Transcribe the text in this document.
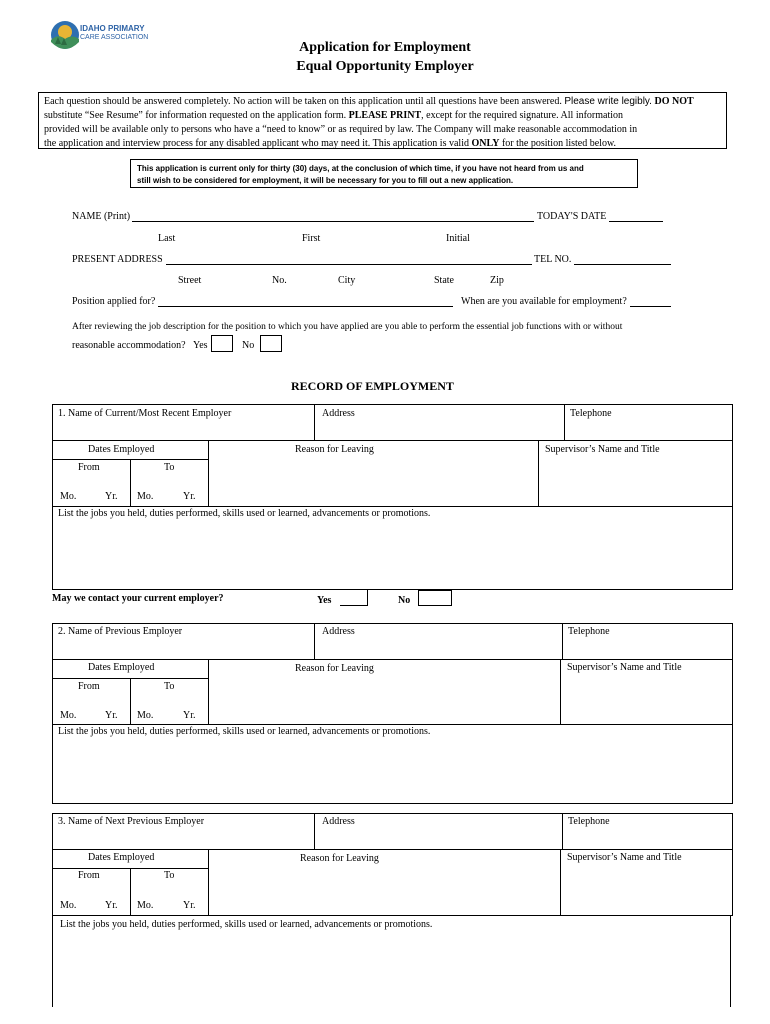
IDAHO PRIMARY
CARE ASSOCIATION
Application for Employment
Equal Opportunity Employer
Each question should be answered completely. No action will be taken on this application until all questions have been answered. Please write legibly. DO NOT
substitute “See Resume” for information requested on the application form. PLEASE PRINT, except for the required signature. All information
provided will be available only to persons who have a “need to know” or as required by law. The Company will make reasonable accommodation in
the application and interview process for any disabled applicant who may need it. This application is valid ONLY for the position listed below.
This application is current only for thirty (30) days, at the conclusion of which time, if you have not heard from us and
still wish to be considered for employment, it will be necessary for you to fill out a new application.
NAME (Print)	TODAY'S DATE
Last	First	Initial
PRESENT ADDRESS	TEL NO.
Street	No.	City	State	Zip
Position applied for?	When are you available for employment?
After reviewing the job description for the position to which you have applied are you able to perform the essential job functions with or without
reasonable accommodation? Yes	No
RECORD OF EMPLOYMENT
1. Name of Current/Most Recent Employer	Address	Telephone
Dates Employed
From	To
Mo.	Yr. Mo.	Yr.
Reason for Leaving	Supervisor’s Name and Title
List the jobs you held, duties performed, skills used or learned, advancements or promotions.
May we contact your current employer?	Yes	No
2. Name of Previous Employer	Address	Telephone
Dates Employed
From	To
Mo.	Yr. Mo.	Yr.
Reason for Leaving	Supervisor’s Name and Title
List the jobs you held, duties performed, skills used or learned, advancements or promotions.
3. Name of Next Previous Employer	Address	Telephone
Dates Employed
From	To
Mo.	Yr. Mo.	Yr.
Reason for Leaving	Supervisor’s Name and Title
List the jobs you held, duties performed, skills used or learned, advancements or promotions.
